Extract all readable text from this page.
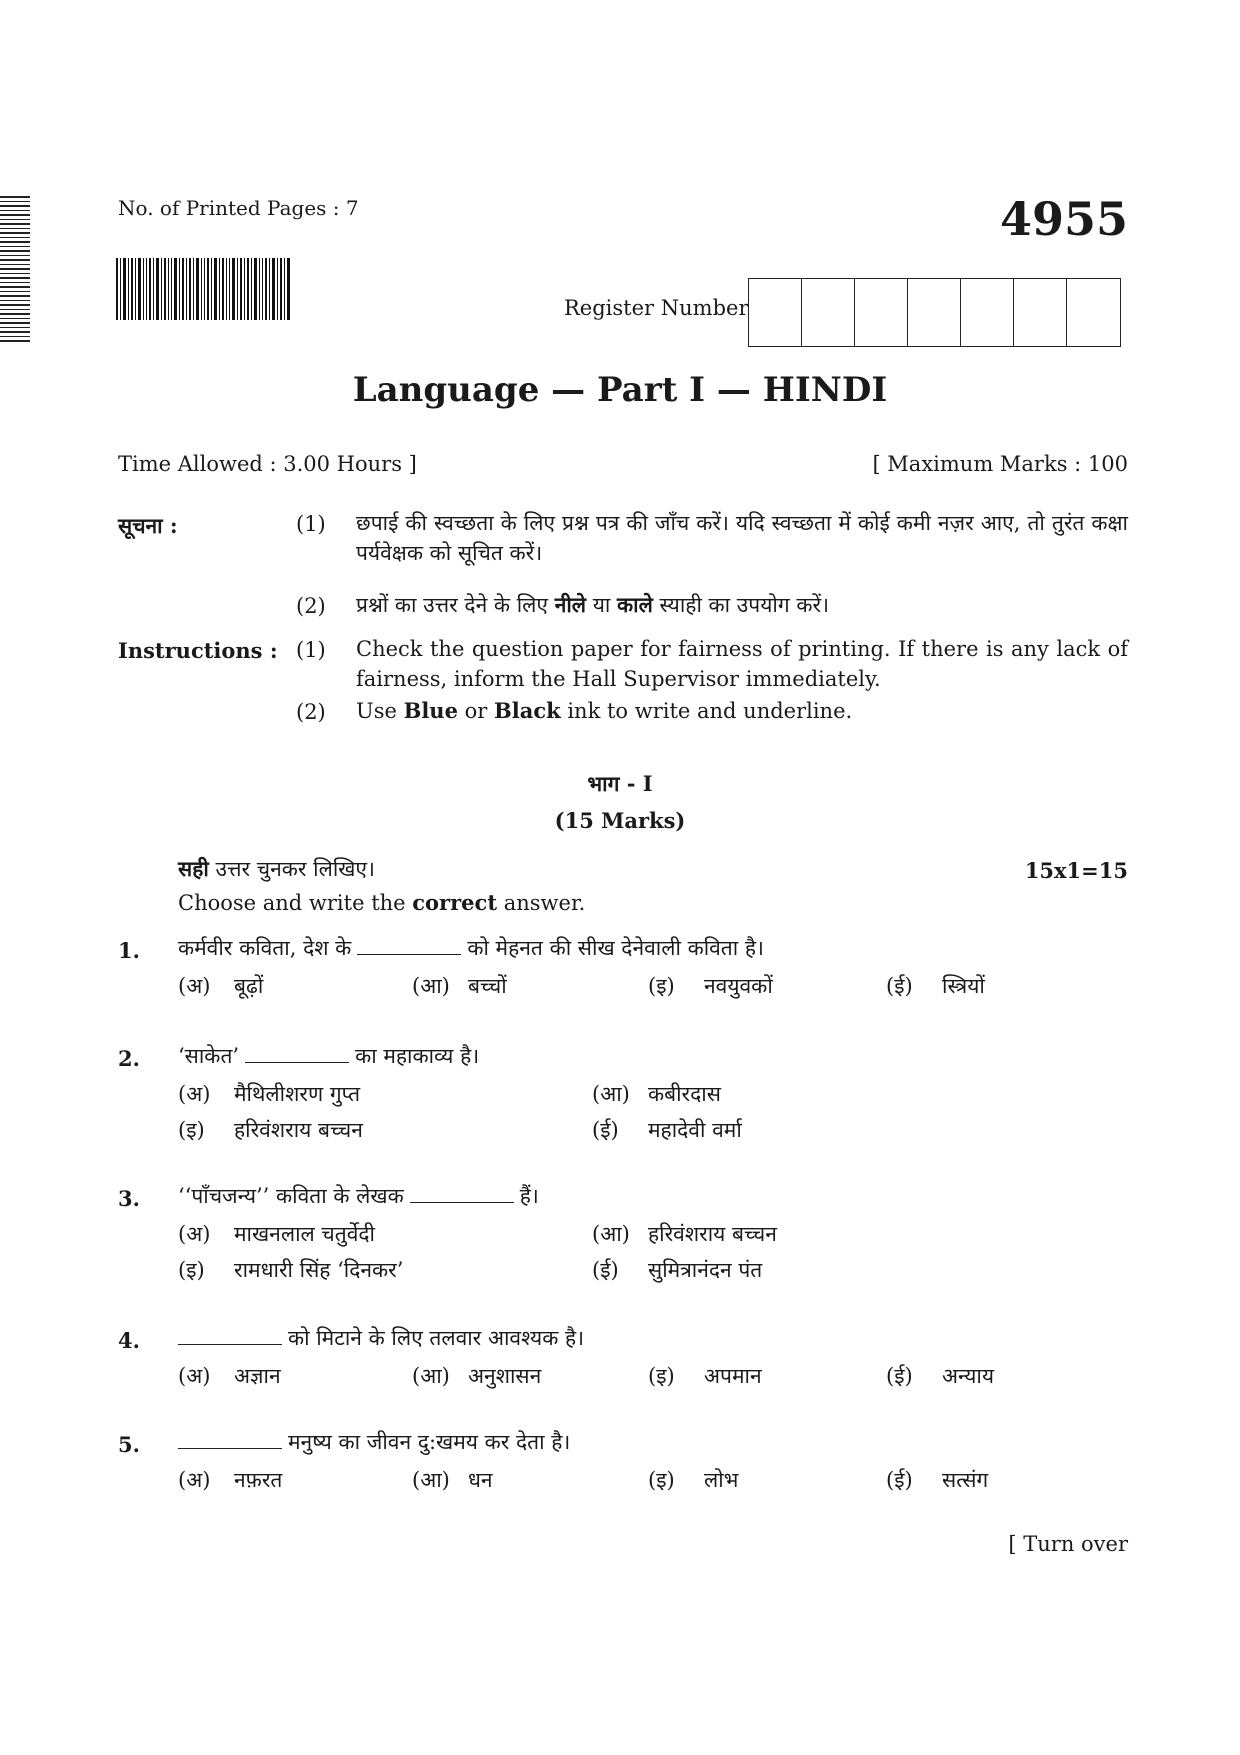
No. of Printed Pages : 7	4955
Register Number
Language — Part I — HINDI
Time Allowed : 3.00 Hours ]	[ Maximum Marks : 100
सूचना :	(1) छपाई की स्वच्छता के लिए प्रश्न पत्र की जाँच करें। यदि स्वच्छता में कोई कमी नज़र आए, तो तुरंत कक्षा पर्यवेक्षक को सूचित करें।
(2) प्रश्नों का उत्तर देने के लिए नीले या काले स्याही का उपयोग करें।
Instructions : (1) Check the question paper for fairness of printing. If there is any lack of fairness, inform the Hall Supervisor immediately.
(2) Use Blue or Black ink to write and underline.
भाग - I
(15 Marks)
सही उत्तर चुनकर लिखिए।
Choose and write the correct answer.
15x1=15
1. कर्मवीर कविता, देश के	को मेहनत की सीख देनेवाली कविता है।
(अ) बूढ़ों	(आ) बच्चों	(इ) नवयुवकों	(ई) स्त्रियों
2. ‘साकेत’	का महाकाव्य है।
(अ) मैथिलीशरण गुप्त	(आ) कबीरदास
(इ) हरिवंशराय बच्चन	(ई) महादेवी वर्मा
3. ‘‘पाँचजन्य’’ कविता के लेखक	हैं।
(अ) माखनलाल चतुर्वेदी	(आ) हरिवंशराय बच्चन
(इ) रामधारी सिंह ‘दिनकर’	(ई) सुमित्रानंदन पंत
4.	को मिटाने के लिए तलवार आवश्यक है।
(अ) अज्ञान	(आ) अनुशासन	(इ) अपमान	(ई) अन्याय
5.	मनुष्य का जीवन दु:खमय कर देता है।
(अ) नफ़रत	(आ) धन	(इ) लोभ	(ई) सत्संग
[ Turn over
